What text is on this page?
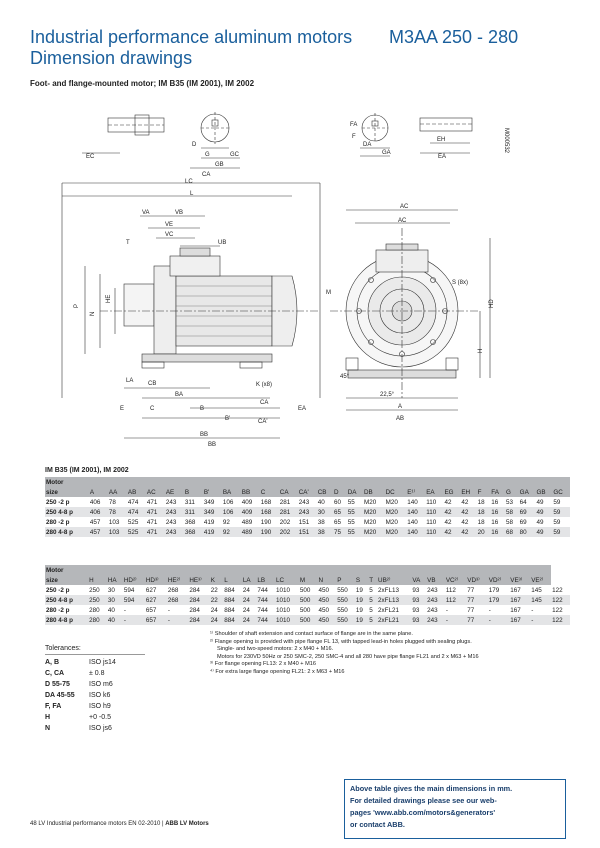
Industrial performance aluminum motors M3AA 250 - 280
Dimension drawings
Foot- and flange-mounted motor; IM B35 (IM 2001), IM 2002
EC
D
G
GB
GC
CA
LC
L
DA
GA
F
FA
EH
EA
M000532
VA	VB
VE
VC
UB
T
P
N
HE
LA CB
BA
K (x8)
E	C	B
CA
EA
B'	CA'
BB
BB
AC
AC
M
S (8x)
HD
H
45°
22,5°
A
AB
IM B35 (IM 2001), IM 2002
Motor																											
size	A	AA	AB	AC	AE	B	B'	BA	BB	C	CA	CA'	CB	D	DA	DB	DC	E¹⁾	EA	EG	EH	F	FA	G	GA	GB	GC
250 -2 p	406	78	474	471	243	311	349	106	409	168	281	243	40	60	55	M20	M20	140	110	42	42	18	16	53	64	49	59
250 4-8 p	406	78	474	471	243	311	349	106	409	168	281	243	30	65	55	M20	M20	140	110	42	42	18	16	58	69	49	59
280 -2 p	457	103	525	471	243	368	419	92	489	190	202	151	38	65	55	M20	M20	140	110	42	42	18	16	58	69	49	59
280 4-8 p	457	103	525	471	243	368	419	92	489	190	202	151	38	75	55	M20	M20	140	110	42	42	20	16	68	80	49	59
Motor																									
size	H	HA	HD²⁾	HD³⁾	HE²⁾	HE³⁾	K	L	LA	LB	LC	M	N	P	S	T	UB²⁾	VA	VB	VC²⁾	VD³⁾	VD²⁾	VE³⁾	VE²⁾	
250 -2 p	250	30	594	627	268	284	22	884	24	744	1010	500	450	550	19	5	2xFL13	93	243	112	77	179	167	145	122
250 4-8 p	250	30	594	627	268	284	22	884	24	744	1010	500	450	550	19	5	2xFL13	93	243	112	77	179	167	145	122
280 -2 p	280	40	-	657	-	284	24	884	24	744	1010	500	450	550	19	5	2xFL21	93	243	-	77	-	167	-	122
280 4-8 p	280	40	-	657	-	284	24	884	24	744	1010	500	450	550	19	5	2xFL21	93	243	-	77	-	167	-	122
¹⁾ Shoulder of shaft extension and contact surface of flange are in the same plane.
²⁾ Flange opening is provided with pipe flange FL 13, with tapped lead-in holes plugged with sealing plugs.
Single- and two-speed motors: 2 x M40 + M16.
Motors for 230VD 50Hz or 250 SMC-2, 250 SMC-4 and all 280 have pipe flange FL21 and 2 x M63 + M16
³⁾ For flange opening FL13: 2 x M40 + M16
⁴⁾ For extra large flange opening FL21: 2 x M63 + M16
Tolerances:
A, B	ISO js14
C, CA	± 0.8
D 55-75	ISO m6
DA 45-55 ISO k6
F, FA	ISO h9
H	+0 -0.5
N	ISO js6
Above table gives the main dimensions in mm.
For detailed drawings please see our web-
pages 'www.abb.com/motors&generators'
or contact ABB.
48 LV Industrial performance motors EN 02-2010 | ABB LV Motors
